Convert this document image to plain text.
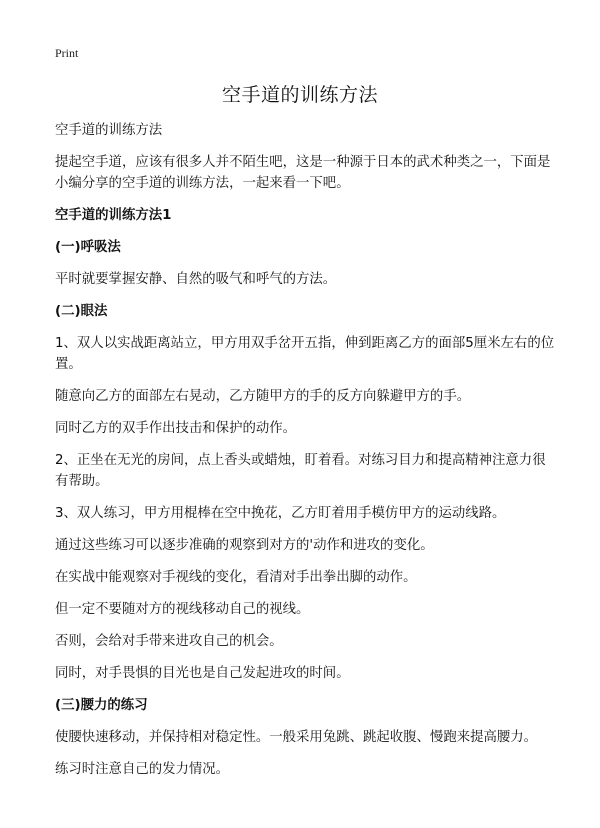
Print
空手道的训练方法

空手道的训练方法

提起空手道，应该有很多人并不陌生吧，这是一种源于日本的武术种类之一，下面是小编分享的空手道的训练方法，一起来看一下吧。

空手道的训练方法1

(一)呼吸法

平时就要掌握安静、自然的吸气和呼气的方法。

(二)眼法

1、双人以实战距离站立，甲方用双手岔开五指，伸到距离乙方的面部5厘米左右的位置。

随意向乙方的面部左右晃动，乙方随甲方的手的反方向躲避甲方的手。

同时乙方的双手作出技击和保护的动作。

2、正坐在无光的房间，点上香头或蜡烛，盯着看。对练习目力和提高精神注意力很有帮助。

3、双人练习，甲方用棍棒在空中挽花，乙方盯着用手模仿甲方的运动线路。

通过这些练习可以逐步准确的观察到对方的'动作和进攻的变化。

在实战中能观察对手视线的变化，看清对手出拳出脚的动作。

但一定不要随对方的视线移动自己的视线。

否则，会给对手带来进攻自己的机会。

同时，对手畏惧的目光也是自己发起进攻的时间。

(三)腰力的练习

使腰快速移动，并保持相对稳定性。一般采用兔跳、跳起收腹、慢跑来提高腰力。

练习时注意自己的发力情况。
